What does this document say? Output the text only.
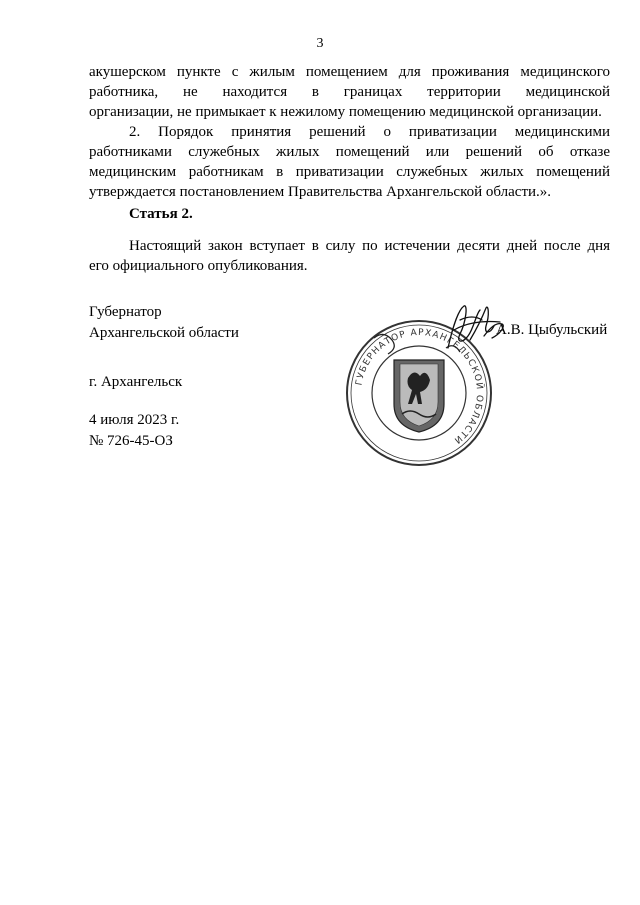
3

акушерском пункте с жилым помещением для проживания медицинского

работника, не находится в границах территории медицинской

организации, не примыкает к нежилому помещению медицинской организации.

2. Порядок принятия решений о приватизации медицинскими

работниками служебных жилых помещений или решений об отказе

медицинским работникам в приватизации служебных жилых помещений

утверждается постановлением Правительства Архангельской области.».

Статья 2.

Настоящий закон вступает в силу по истечении десяти дней после дня

его официального опубликования.

Губернатор
Архангельской области	А.В. Цыбульский
г. Архангельск
4 июля 2023 г.
№ 726-45-ОЗ
ГУБЕРНАТОР АРХАНГЕЛЬСКОЙ ОБЛАСТИ
